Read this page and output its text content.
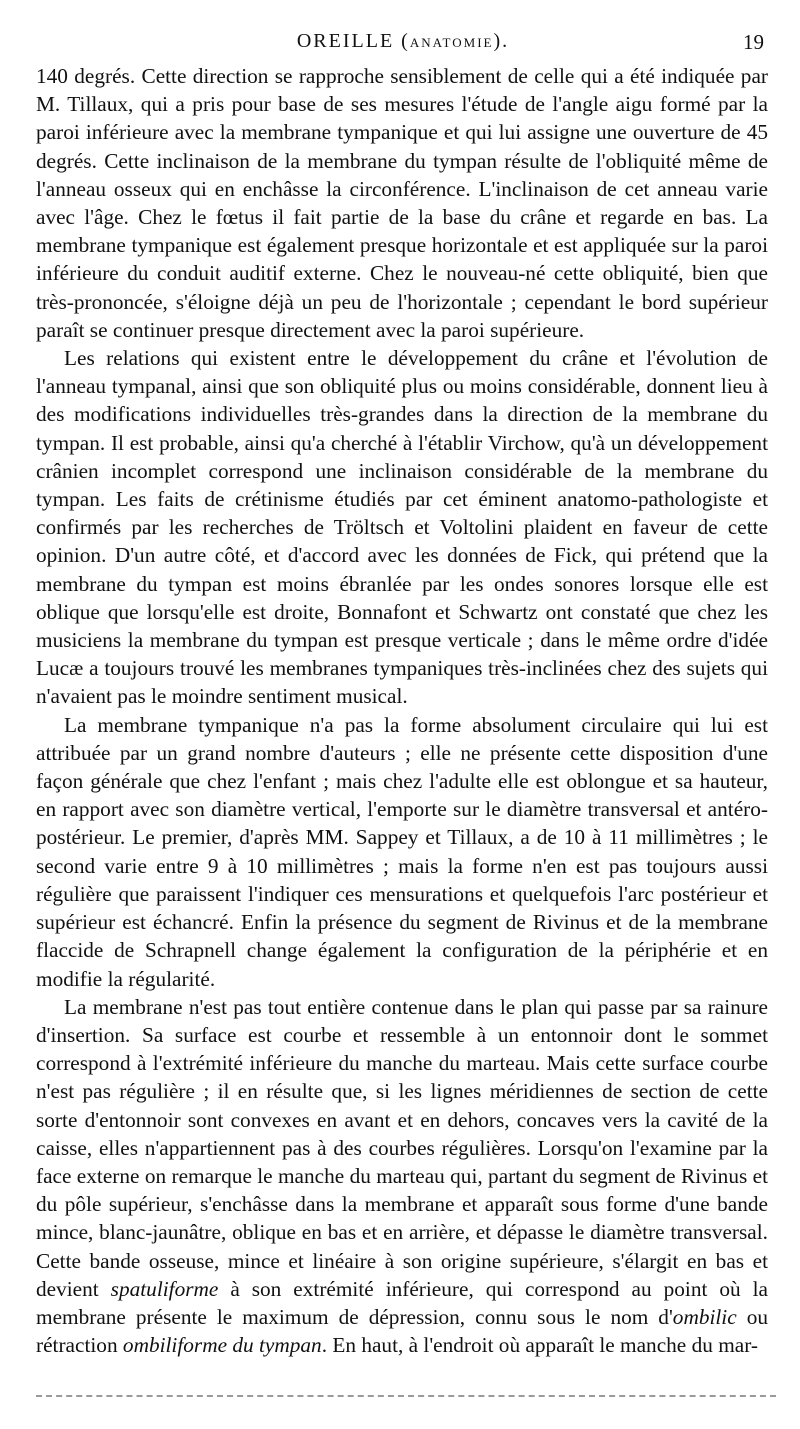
OREILLE (ANATOMIE).	19

140 degrés. Cette direction se rapproche sensiblement de celle qui a été indiquée par M. Tillaux, qui a pris pour base de ses mesures l'étude de l'angle aigu formé par la paroi inférieure avec la membrane tympanique et qui lui assigne une ouverture de 45 degrés. Cette inclinaison de la membrane du tympan résulte de l'obliquité même de l'anneau osseux qui en enchâsse la circonférence. L'inclinaison de cet anneau varie avec l'âge. Chez le fœtus il fait partie de la base du crâne et regarde en bas. La membrane tympanique est également presque horizontale et est appliquée sur la paroi inférieure du conduit auditif externe. Chez le nouveau-né cette obliquité, bien que très-prononcée, s'éloigne déjà un peu de l'horizontale ; cependant le bord supérieur paraît se continuer presque directement avec la paroi supérieure.

Les relations qui existent entre le développement du crâne et l'évolution de l'anneau tympanal, ainsi que son obliquité plus ou moins considérable, donnent lieu à des modifications individuelles très-grandes dans la direction de la membrane du tympan. Il est probable, ainsi qu'a cherché à l'établir Virchow, qu'à un développement crânien incomplet correspond une inclinaison considérable de la membrane du tympan. Les faits de crétinisme étudiés par cet éminent anatomo-pathologiste et confirmés par les recherches de Tröltsch et Voltolini plaident en faveur de cette opinion. D'un autre côté, et d'accord avec les données de Fick, qui prétend que la membrane du tympan est moins ébranlée par les ondes sonores lorsque elle est oblique que lorsqu'elle est droite, Bonnafont et Schwartz ont constaté que chez les musiciens la membrane du tympan est presque verticale ; dans le même ordre d'idée Lucæ a toujours trouvé les membranes tympaniques très-inclinées chez des sujets qui n'avaient pas le moindre sentiment musical.

La membrane tympanique n'a pas la forme absolument circulaire qui lui est attribuée par un grand nombre d'auteurs ; elle ne présente cette disposition d'une façon générale que chez l'enfant ; mais chez l'adulte elle est oblongue et sa hauteur, en rapport avec son diamètre vertical, l'emporte sur le diamètre transversal et antéro-postérieur. Le premier, d'après MM. Sappey et Tillaux, a de 10 à 11 millimètres ; le second varie entre 9 à 10 millimètres ; mais la forme n'en est pas toujours aussi régulière que paraissent l'indiquer ces mensurations et quelquefois l'arc postérieur et supérieur est échancré. Enfin la présence du segment de Rivinus et de la membrane flaccide de Schrapnell change également la configuration de la périphérie et en modifie la régularité.

La membrane n'est pas tout entière contenue dans le plan qui passe par sa rainure d'insertion. Sa surface est courbe et ressemble à un entonnoir dont le sommet correspond à l'extrémité inférieure du manche du marteau. Mais cette surface courbe n'est pas régulière ; il en résulte que, si les lignes méridiennes de section de cette sorte d'entonnoir sont convexes en avant et en dehors, concaves vers la cavité de la caisse, elles n'appartiennent pas à des courbes régulières. Lorsqu'on l'examine par la face externe on remarque le manche du marteau qui, partant du segment de Rivinus et du pôle supérieur, s'enchâsse dans la membrane et apparaît sous forme d'une bande mince, blanc-jaunâtre, oblique en bas et en arrière, et dépasse le diamètre transversal. Cette bande osseuse, mince et linéaire à son origine supérieure, s'élargit en bas et devient spatuliforme à son extrémité inférieure, qui correspond au point où la membrane présente le maximum de dépression, connu sous le nom d'ombilic ou rétraction ombiliforme du tympan. En haut, à l'endroit où apparaît le manche du mar-
